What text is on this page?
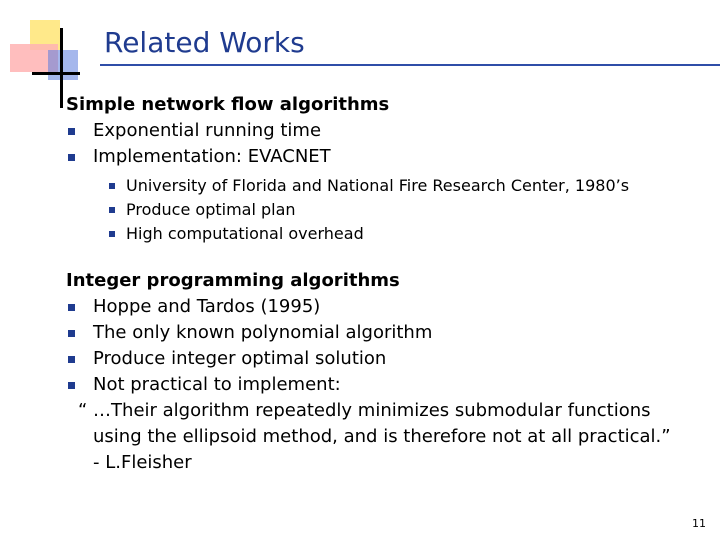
Related Works
Simple network flow algorithms
Exponential running time
Implementation: EVACNET
University of Florida and National Fire Research Center, 1980’s
Produce optimal plan
High computational overhead
Integer programming algorithms
Hoppe and Tardos (1995)
The only known polynomial algorithm
Produce integer optimal solution
Not practical to implement:
“ …Their algorithm repeatedly minimizes submodular functions
using the ellipsoid method, and is therefore not at all practical.”
- L.Fleisher
11
